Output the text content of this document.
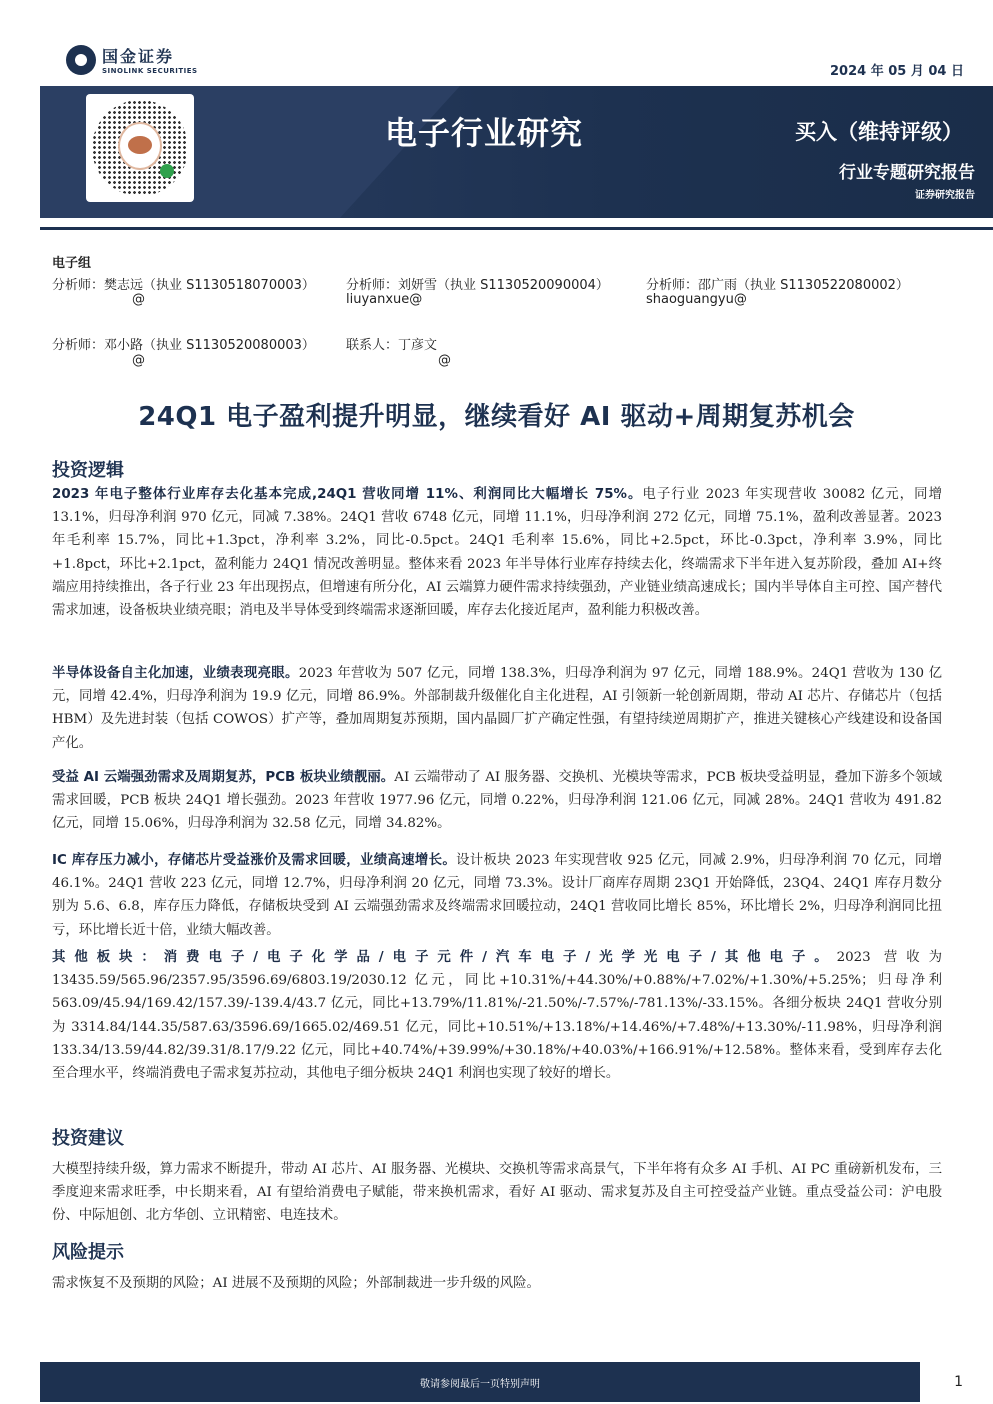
国金证券
SINOLINK SECURITIES	2024 年 05 月 04 日
电子行业研究	买入（维持评级）
行业专题研究报告
证券研究报告
电子组
分析师：樊志远（执业 S1130518070003）
@
分析师：刘妍雪（执业 S1130520090004）
liuyanxue@
分析师：邵广雨（执业 S1130522080002）
shaoguangyu@
分析师：邓小路（执业 S1130520080003）
@
联系人：丁彦文
@
24Q1 电子盈利提升明显，继续看好 AI 驱动+周期复苏机会
投资逻辑
2023 年电子整体行业库存去化基本完成,24Q1 营收同增 11%、利润同比大幅增长 75%。电子行业 2023 年实现营收 30082 亿元，同增 13.1%，归母净利润 970 亿元，同减 7.38%。24Q1 营收 6748 亿元，同增 11.1%，归母净利润 272 亿元，同增 75.1%，盈利改善显著。2023 年毛利率 15.7%，同比+1.3pct，净利率 3.2%，同比-0.5pct。24Q1 毛利率 15.6%，同比+2.5pct，环比-0.3pct，净利率 3.9%，同比+1.8pct，环比+2.1pct，盈利能力 24Q1 情况改善明显。整体来看 2023 年半导体行业库存持续去化，终端需求下半年进入复苏阶段，叠加 AI+终端应用持续推出，各子行业 23 年出现拐点，但增速有所分化，AI 云端算力硬件需求持续强劲，产业链业绩高速成长；国内半导体自主可控、国产替代需求加速，设备板块业绩亮眼；消电及半导体受到终端需求逐渐回暖，库存去化接近尾声，盈利能力积极改善。
半导体设备自主化加速，业绩表现亮眼。2023 年营收为 507 亿元，同增 138.3%，归母净利润为 97 亿元，同增 188.9%。24Q1 营收为 130 亿元，同增 42.4%，归母净利润为 19.9 亿元，同增 86.9%。外部制裁升级催化自主化进程，AI 引领新一轮创新周期，带动 AI 芯片、存储芯片（包括 HBM）及先进封装（包括 COWOS）扩产等，叠加周期复苏预期，国内晶圆厂扩产确定性强，有望持续逆周期扩产，推进关键核心产线建设和设备国产化。
受益 AI 云端强劲需求及周期复苏，PCB 板块业绩靓丽。AI 云端带动了 AI 服务器、交换机、光模块等需求，PCB 板块受益明显，叠加下游多个领域需求回暖，PCB 板块 24Q1 增长强劲。2023 年营收 1977.96 亿元，同增 0.22%，归母净利润 121.06 亿元，同减 28%。24Q1 营收为 491.82 亿元，同增 15.06%，归母净利润为 32.58 亿元，同增 34.82%。
IC 库存压力减小，存储芯片受益涨价及需求回暖，业绩高速增长。设计板块 2023 年实现营收 925 亿元，同减 2.9%，归母净利润 70 亿元，同增 46.1%。24Q1 营收 223 亿元，同增 12.7%，归母净利润 20 亿元，同增 73.3%。设计厂商库存周期 23Q1 开始降低，23Q4、24Q1 库存月数分别为 5.6、6.8，库存压力降低，存储板块受到 AI 云端强劲需求及终端需求回暖拉动，24Q1 营收同比增长 85%，环比增长 2%，归母净利润同比扭亏，环比增长近十倍，业绩大幅改善。
其他板块：消费电子/电子化学品/电子元件/汽车电子/光学光电子/其他电子。2023 营收为 13435.59/565.96/2357.95/3596.69/6803.19/2030.12 亿元，同比+10.31%/+44.30%/+0.88%/+7.02%/+1.30%/+5.25%；归母净利 563.09/45.94/169.42/157.39/-139.4/43.7 亿元，同比+13.79%/11.81%/-21.50%/-7.57%/-781.13%/-33.15%。各细分板块 24Q1 营收分别为 3314.84/144.35/587.63/3596.69/1665.02/469.51 亿元，同比+10.51%/+13.18%/+14.46%/+7.48%/+13.30%/-11.98%，归母净利润 133.34/13.59/44.82/39.31/8.17/9.22 亿元，同比+40.74%/+39.99%/+30.18%/+40.03%/+166.91%/+12.58%。整体来看，受到库存去化至合理水平，终端消费电子需求复苏拉动，其他电子细分板块 24Q1 利润也实现了较好的增长。
投资建议
大模型持续升级，算力需求不断提升，带动 AI 芯片、AI 服务器、光模块、交换机等需求高景气，下半年将有众多 AI 手机、AI PC 重磅新机发布，三季度迎来需求旺季，中长期来看，AI 有望给消费电子赋能，带来换机需求，看好 AI 驱动、需求复苏及自主可控受益产业链。重点受益公司：沪电股份、中际旭创、北方华创、立讯精密、电连技术。
风险提示
需求恢复不及预期的风险；AI 进展不及预期的风险；外部制裁进一步升级的风险。
敬请参阅最后一页特别声明	1
